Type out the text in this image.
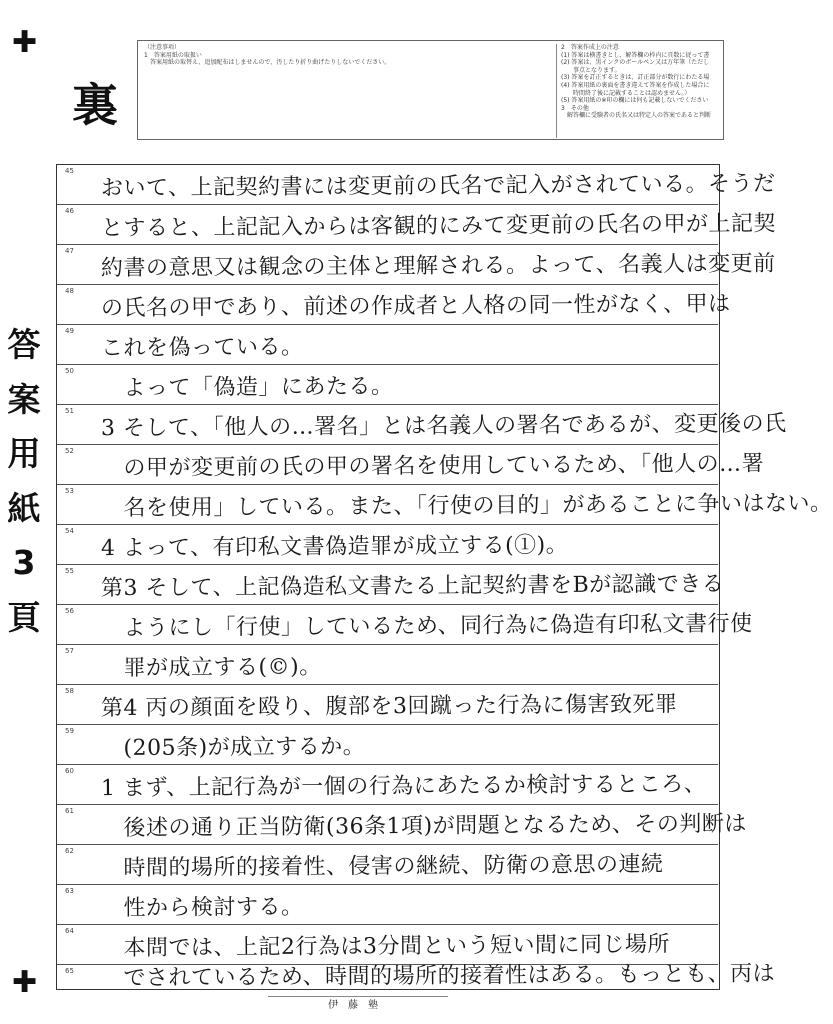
✚
✚
（注意事項）
1　答案用紙の取扱い
　答案用紙の取替え、追加配布はしませんので、汚したり折り曲げたりしないでください。
2　答案作成上の注意
(1) 答案は横書きとし、解答欄の枠内に頁数に従って書
(2) 答案は、黒インクのボールペン又は万年筆（ただし
　　事点となります。
(3) 答案を訂正するときは、訂正部分が数行にわたる場
(4) 答案用紙の裏面を書き違えて答案を作成した場合に
　　時間終了後に記載することは認めません。）
(5) 答案用紙の※印の欄には何も記載しないでください
3　その他
　解答欄に受験者の氏名又は特定人の答案であると判断
裏
答案用紙3頁
45
おいて、上記契約書には変更前の氏名で記入がされている。そうだ
46
とすると、上記記入からは客観的にみて変更前の氏名の甲が上記契
47
約書の意思又は観念の主体と理解される。よって、名義人は変更前
48
の氏名の甲であり、前述の作成者と人格の同一性がなく、甲は
49
これを偽っている。
50
　よって「偽造」にあたる。
51
3 そして、「他人の…署名」とは名義人の署名であるが、変更後の氏
52
　の甲が変更前の氏の甲の署名を使用しているため、「他人の…署
53
　名を使用」している。また、「行使の目的」があることに争いはない。
54
4 よって、有印私文書偽造罪が成立する(①)。
55
第3 そして、上記偽造私文書たる上記契約書をBが認識できる
56
　ようにし「行使」しているため、同行為に偽造有印私文書行使
57
　罪が成立する(©)。
58
第4 丙の顔面を殴り、腹部を3回蹴った行為に傷害致死罪
59
　(205条)が成立するか。
60
1 まず、上記行為が一個の行為にあたるか検討するところ、
61
　後述の通り正当防衛(36条1項)が問題となるため、その判断は
62
　時間的場所的接着性、侵害の継続、防衛の意思の連続
63
　性から検討する。
64
　本問では、上記2行為は3分間という短い間に同じ場所
65 　でされているため、時間的場所的接着性はある。もっとも、丙は
伊藤塾
